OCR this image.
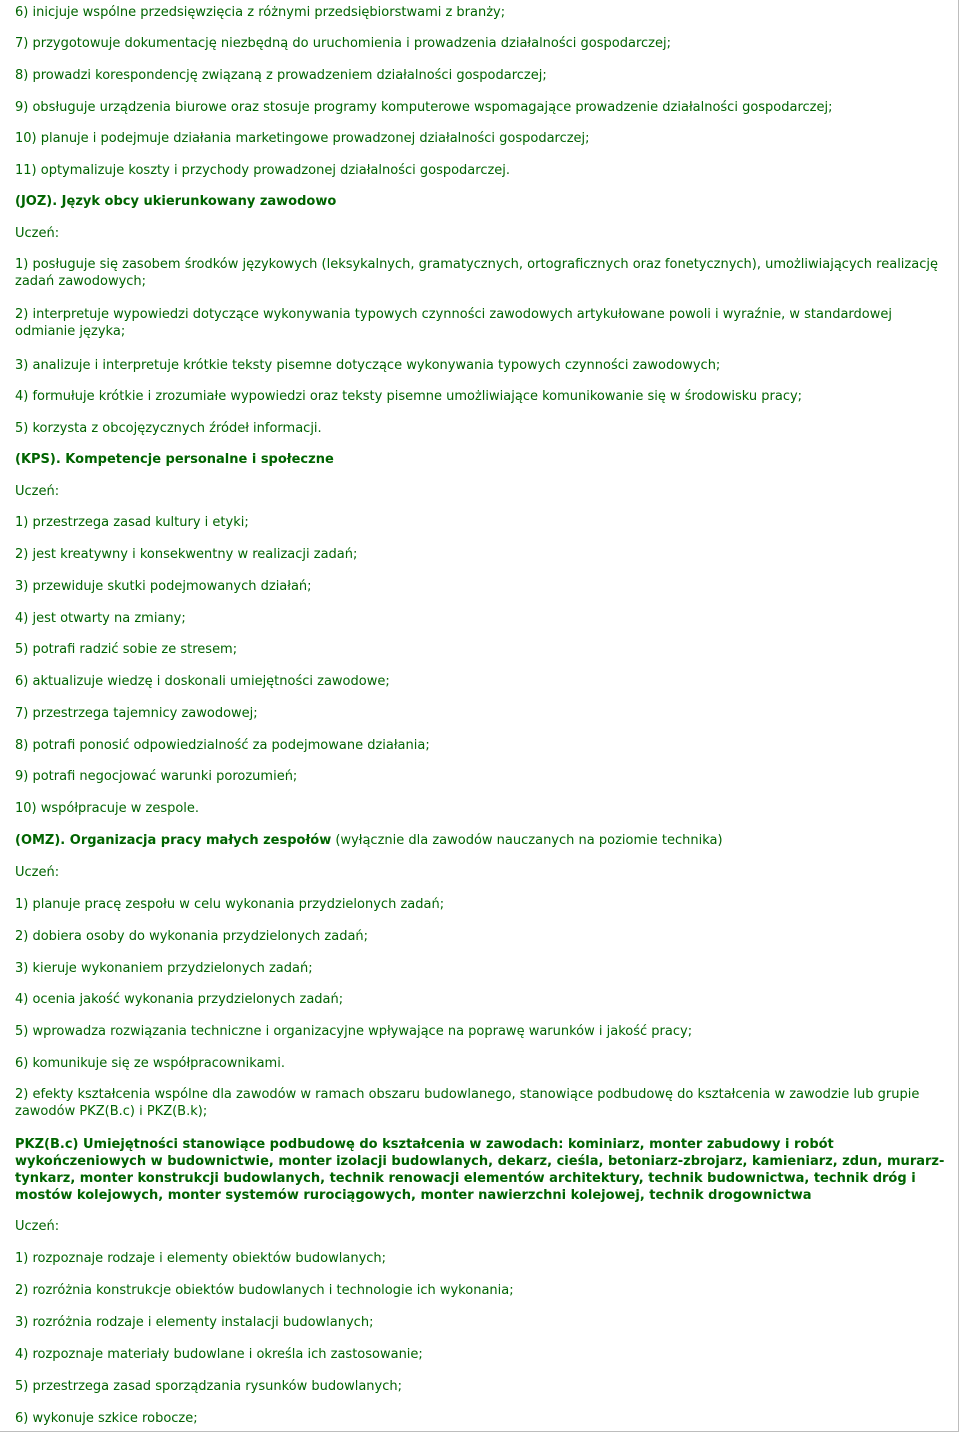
6) inicjuje wspólne przedsięwzięcia z różnymi przedsiębiorstwami z branży;
7) przygotowuje dokumentację niezbędną do uruchomienia i prowadzenia działalności gospodarczej;
8) prowadzi korespondencję związaną z prowadzeniem działalności gospodarczej;
9) obsługuje urządzenia biurowe oraz stosuje programy komputerowe wspomagające prowadzenie działalności gospodarczej;
10) planuje i podejmuje działania marketingowe prowadzonej działalności gospodarczej;
11) optymalizuje koszty i przychody prowadzonej działalności gospodarczej.
(JOZ). Język obcy ukierunkowany zawodowo
Uczeń:
1) posługuje się zasobem środków językowych (leksykalnych, gramatycznych, ortograficznych oraz fonetycznych), umożliwiających realizację zadań zawodowych;
2) interpretuje wypowiedzi dotyczące wykonywania typowych czynności zawodowych artykułowane powoli i wyraźnie, w standardowej odmianie języka;
3) analizuje i interpretuje krótkie teksty pisemne dotyczące wykonywania typowych czynności zawodowych;
4) formułuje krótkie i zrozumiałe wypowiedzi oraz teksty pisemne umożliwiające komunikowanie się w środowisku pracy;
5) korzysta z obcojęzycznych źródeł informacji.
(KPS). Kompetencje personalne i społeczne
Uczeń:
1) przestrzega zasad kultury i etyki;
2) jest kreatywny i konsekwentny w realizacji zadań;
3) przewiduje skutki podejmowanych działań;
4) jest otwarty na zmiany;
5) potrafi radzić sobie ze stresem;
6) aktualizuje wiedzę i doskonali umiejętności zawodowe;
7) przestrzega tajemnicy zawodowej;
8) potrafi ponosić odpowiedzialność za podejmowane działania;
9) potrafi negocjować warunki porozumień;
10) współpracuje w zespole.
(OMZ). Organizacja pracy małych zespołów (wyłącznie dla zawodów nauczanych na poziomie technika)
Uczeń:
1) planuje pracę zespołu w celu wykonania przydzielonych zadań;
2) dobiera osoby do wykonania przydzielonych zadań;
3) kieruje wykonaniem przydzielonych zadań;
4) ocenia jakość wykonania przydzielonych zadań;
5) wprowadza rozwiązania techniczne i organizacyjne wpływające na poprawę warunków i jakość pracy;
6) komunikuje się ze współpracownikami.
2) efekty kształcenia wspólne dla zawodów w ramach obszaru budowlanego, stanowiące podbudowę do kształcenia w zawodzie lub grupie zawodów PKZ(B.c) i PKZ(B.k);
PKZ(B.c) Umiejętności stanowiące podbudowę do kształcenia w zawodach: kominiarz, monter zabudowy i robót wykończeniowych w budownictwie, monter izolacji budowlanych, dekarz, cieśla, betoniarz-zbrojarz, kamieniarz, zdun, murarz-tynkarz, monter konstrukcji budowlanych, technik renowacji elementów architektury, technik budownictwa, technik dróg i mostów kolejowych, monter systemów rurociągowych, monter nawierzchni kolejowej, technik drogownictwa
Uczeń:
1) rozpoznaje rodzaje i elementy obiektów budowlanych;
2) rozróżnia konstrukcje obiektów budowlanych i technologie ich wykonania;
3) rozróżnia rodzaje i elementy instalacji budowlanych;
4) rozpoznaje materiały budowlane i określa ich zastosowanie;
5) przestrzega zasad sporządzania rysunków budowlanych;
6) wykonuje szkice robocze;
